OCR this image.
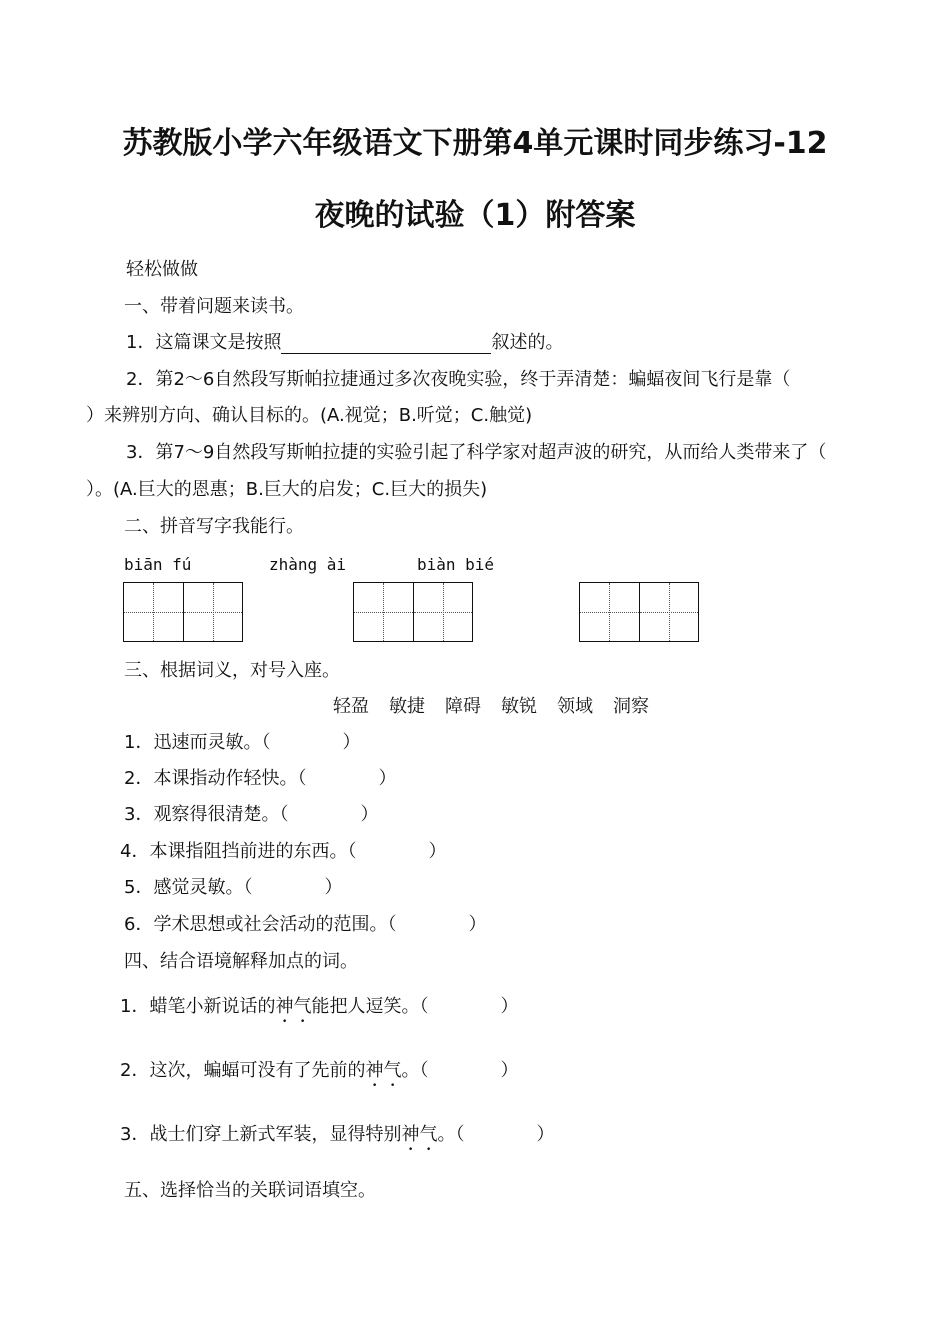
苏教版小学六年级语文下册第4单元课时同步练习-12
夜晚的试验（1）附答案
轻松做做
一、带着问题来读书。
1．这篇课文是按照	叙述的。
2．第2～6自然段写斯帕拉捷通过多次夜晚实验，终于弄清楚：蝙蝠夜间飞行是靠（
）来辨别方向、确认目标的。(A.视觉；B.听觉；C.触觉)
3．第7～9自然段写斯帕拉捷的实验引起了科学家对超声波的研究，从而给人类带来了（
）。(A.巨大的恩惠；B.巨大的启发；C.巨大的损失)
二、拼音写字我能行。
biān fú	zhàng ài	biàn bié
三、根据词义，对号入座。
轻盈 敏捷 障碍 敏锐 领域 洞察
1．迅速而灵敏。（　　　　）
2．本课指动作轻快。（　　　　）
3．观察得很清楚。（　　　　）
4．本课指阻挡前进的东西。（　　　　）
5．感觉灵敏。（　　　　）
6．学术思想或社会活动的范围。（　　　　）
四、结合语境解释加点的词。
1．蜡笔小新说话的神气能把人逗笑。（　　　　）
2．这次，蝙蝠可没有了先前的神气。（　　　　）
3．战士们穿上新式军装，显得特别神气。（　　　　）
五、选择恰当的关联词语填空。
